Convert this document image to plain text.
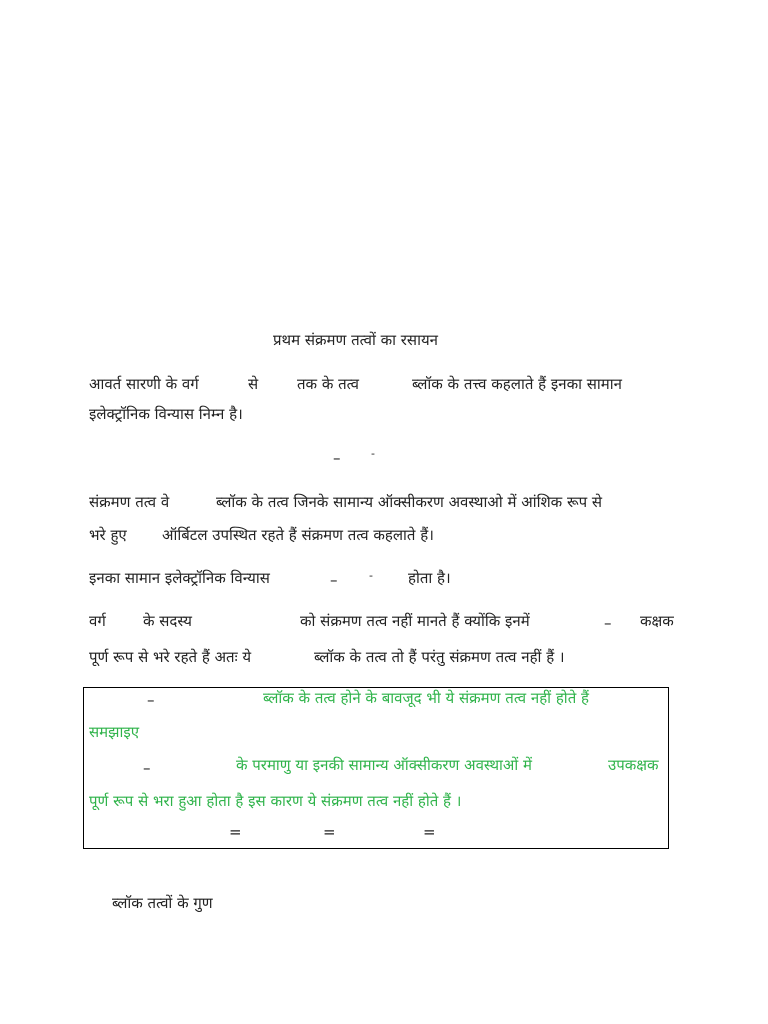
प्रथम संक्रमण तत्वों का रसायन
आवर्त सारणी के वर्ग	से	तक के तत्व	ब्लॉक के तत्त्व कहलाते हैं इनका सामान
इलेक्ट्रॉनिक विन्यास निम्न है।
–	-
संक्रमण तत्व वे	ब्लॉक के तत्व जिनके सामान्य ऑक्सीकरण अवस्थाओ में आंशिक रूप से
भरे हुए ऑर्बिटल उपस्थित रहते हैं संक्रमण तत्व कहलाते हैं।
इनका सामान इलेक्ट्रॉनिक विन्यास	–	- होता है।
वर्ग के सदस्य	को संक्रमण तत्व नहीं मानते हैं क्योंकि इनमें	– कक्षक
पूर्ण रूप से भरे रहते हैं अतः ये	ब्लॉक के तत्व तो हैं परंतु संक्रमण तत्व नहीं हैं ।
–	ब्लॉक के तत्व होने के बावजूद भी ये संक्रमण तत्व नहीं होते हैं
समझाइए
–	के परमाणु या इनकी सामान्य ऑक्सीकरण अवस्थाओं में	उपकक्षक
पूर्ण रूप से भरा हुआ होता है इस कारण ये संक्रमण तत्व नहीं होते हैं ।
=	=	=
ब्लॉक तत्वों के गुण
